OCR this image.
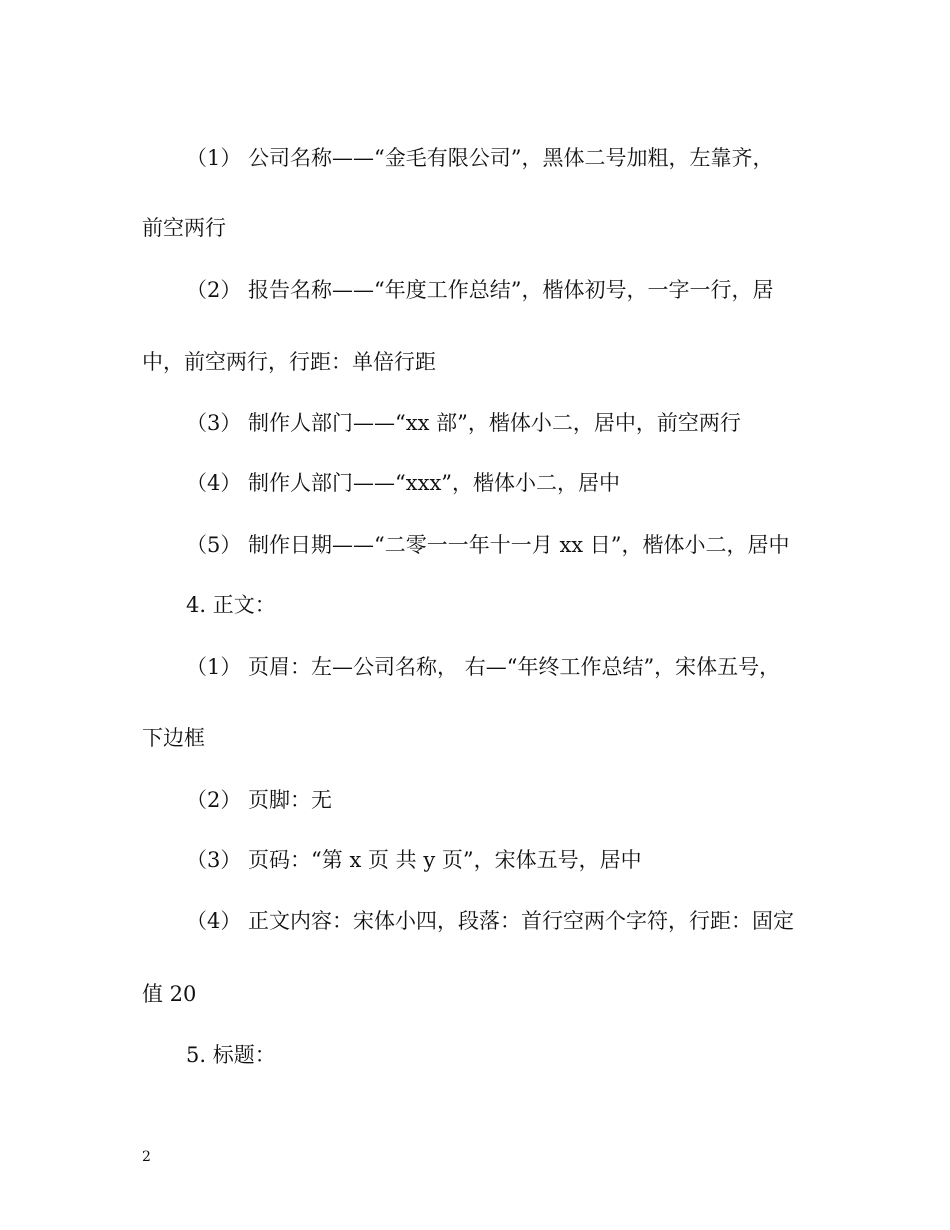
（1） 公司名称——“金毛有限公司”，黑体二号加粗，左靠齐，
前空两行
（2） 报告名称——“年度工作总结”，楷体初号，一字一行，居
中，前空两行，行距：单倍行距
（3） 制作人部门——“xx 部”，楷体小二，居中，前空两行
（4） 制作人部门——“xxx”，楷体小二，居中
（5） 制作日期——“二零一一年十一月 xx 日”，楷体小二，居中
4. 正文：
（1） 页眉：左—公司名称， 右—“年终工作总结”，宋体五号，
下边框
（2） 页脚：无
（3） 页码：“第 x 页 共 y 页”，宋体五号，居中
（4） 正文内容：宋体小四，段落：首行空两个字符，行距：固定
值 20
5. 标题：
2
